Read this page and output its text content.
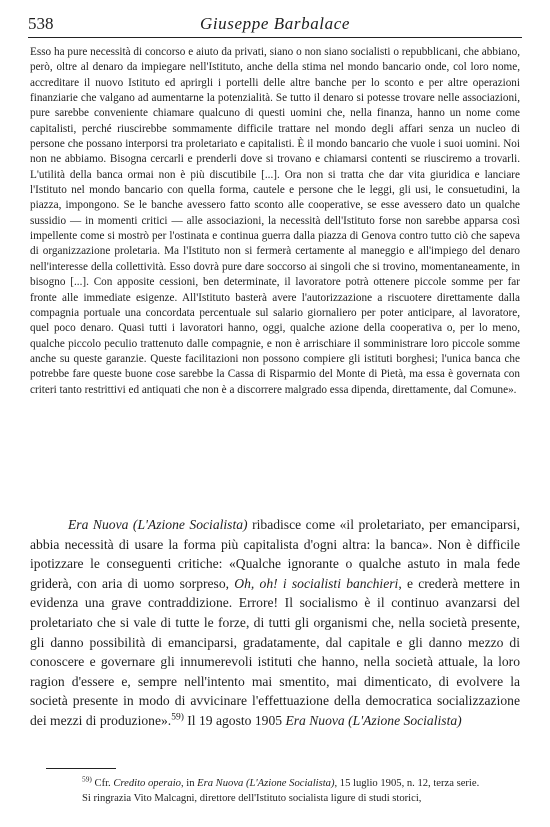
538	Giuseppe Barbalace

Esso ha pure necessità di concorso e aiuto da privati, siano o non siano socialisti o repubblicani, che abbiano, però, oltre al denaro da impiegare nell'Istituto, anche della stima nel mondo bancario onde, col loro nome, accreditare il nuovo Istituto ed aprirgli i portelli delle altre banche per lo sconto e per altre operazioni finanziarie che valgano ad aumentarne la potenzialità. Se tutto il denaro si potesse trovare nelle associazioni, pure sarebbe conveniente chiamare qualcuno di questi uomini che, nella finanza, hanno un nome come capitalisti, perché riuscirebbe sommamente difficile trattare nel mondo degli affari senza un nucleo di persone che possano interporsi tra proletariato e capitalisti. È il mondo bancario che vuole i suoi uomini. Noi non ne abbiamo. Bisogna cercarli e prenderli dove si trovano e chiamarsi contenti se riusciremo a trovarli. L'utilità della banca ormai non è più discutibile [...]. Ora non si tratta che dar vita giuridica e lanciare l'Istituto nel mondo bancario con quella forma, cautele e persone che le leggi, gli usi, le consuetudini, la piazza, impongono. Se le banche avessero fatto sconto alle cooperative, se esse avessero dato un qualche sussidio — in momenti critici — alle associazioni, la necessità dell'Istituto forse non sarebbe apparsa così impellente come si mostrò per l'ostinata e continua guerra dalla piazza di Genova contro tutto ciò che sapeva di organizzazione proletaria. Ma l'Istituto non si fermerà certamente al maneggio e all'impiego del denaro nell'interesse della collettività. Esso dovrà pure dare soccorso ai singoli che si trovino, momentaneamente, in bisogno [...]. Con apposite cessioni, ben determinate, il lavoratore potrà ottenere piccole somme per far fronte alle immediate esigenze. All'Istituto basterà avere l'autorizzazione a riscuotere direttamente dalla compagnia portuale una concordata percentuale sul salario giornaliero per poter anticipare, al lavoratore, quel poco denaro. Quasi tutti i lavoratori hanno, oggi, qualche azione della cooperativa o, per lo meno, qualche piccolo peculio trattenuto dalle compagnie, e non è arrischiare il somministrare loro piccole somme anche su queste garanzie. Queste facilitazioni non possono compiere gli istituti borghesi; l'unica banca che potrebbe fare queste buone cose sarebbe la Cassa di Risparmio del Monte di Pietà, ma essa è governata con criteri tanto restrittivi ed antiquati che non è a discorrere malgrado essa dipenda, direttamente, dal Comune».

Era Nuova (L'Azione Socialista) ribadisce come «il proletariato, per emanciparsi, abbia necessità di usare la forma più capitalista d'ogni altra: la banca». Non è difficile ipotizzare le conseguenti critiche: «Qualche ignorante o qualche astuto in mala fede griderà, con aria di uomo sorpreso, Oh, oh! i socialisti banchieri, e crederà mettere in evidenza una grave contraddizione. Errore! Il socialismo è il continuo avanzarsi del proletariato che si vale di tutte le forze, di tutti gli organismi che, nella società presente, gli danno possibilità di emanciparsi, gradatamente, dal capitale e gli danno mezzo di conoscere e governare gli innumerevoli istituti che hanno, nella società attuale, la loro ragion d'essere e, sempre nell'intento mai smentito, mai dimenticato, di evolvere la società presente in modo di avvicinare l'effettuazione della democratica socializzazione dei mezzi di produzione».$^{59)}$ Il 19 agosto 1905 Era Nuova (L'Azione Socialista)

$^{59)}$ Cfr. Credito operaio, in Era Nuova (L'Azione Socialista), 15 luglio 1905, n. 12, terza serie.

Si ringrazia Vito Malcagni, direttore dell'Istituto socialista ligure di studi storici,
